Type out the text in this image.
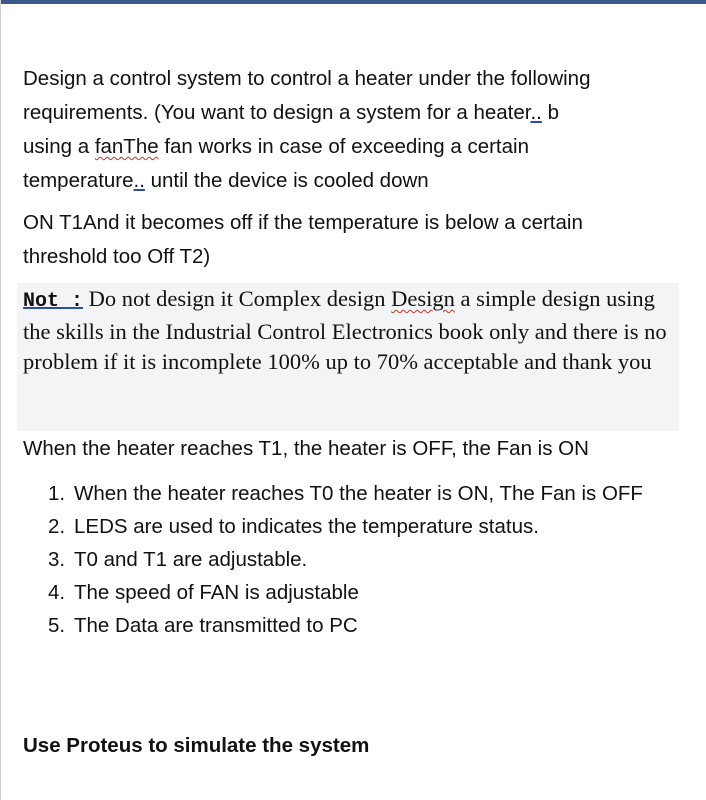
Design a control system to control a heater under the following
requirements. (You want to design a system for a heater.. b
using a fanThe fan works in case of exceeding a certain
temperature.. until the device is cooled down

ON T1And it becomes off if the temperature is below a certain
threshold too Off T2)

Not : Do not design it Complex design Design a simple design using the skills in the Industrial Control Electronics book only and there is no problem if it is incomplete 100% up to 70% acceptable and thank you

When the heater reaches T1, the heater is OFF, the Fan is ON

1. When the heater reaches T0 the heater is ON, The Fan is OFF
2. LEDS are used to indicates the temperature status.
3. T0 and T1 are adjustable.
4. The speed of FAN is adjustable
5. The Data are transmitted to PC

Use Proteus to simulate the system
